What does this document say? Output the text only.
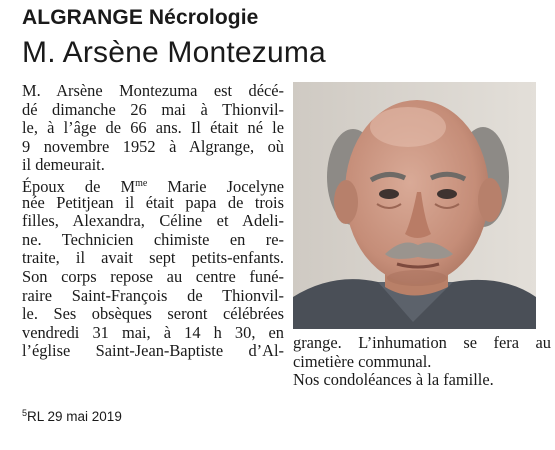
ALGRANGE Nécrologie
M. Arsène Montezuma
M. Arsène Montezuma est décé-
dé dimanche 26 mai à Thionvil-
le, à l’âge de 66 ans. Il était né le
9 novembre 1952 à Algrange, où
il demeurait.
Époux de $M^{me}$ Marie Jocelyne
née Petitjean il était papa de trois
filles, Alexandra, Céline et Adeli-
ne. Technicien chimiste en re-
traite, il avait sept petits-enfants.
Son corps repose au centre funé-
raire Saint-François de Thionvil-
le. Ses obsèques seront célébrées
vendredi 31 mai, à 14 h 30, en
l’église Saint-Jean-Baptiste d’Al- grange. L’inhumation se fera au
cimetière communal.
Nos condoléances à la famille.
$^5$RL 29 mai 2019
